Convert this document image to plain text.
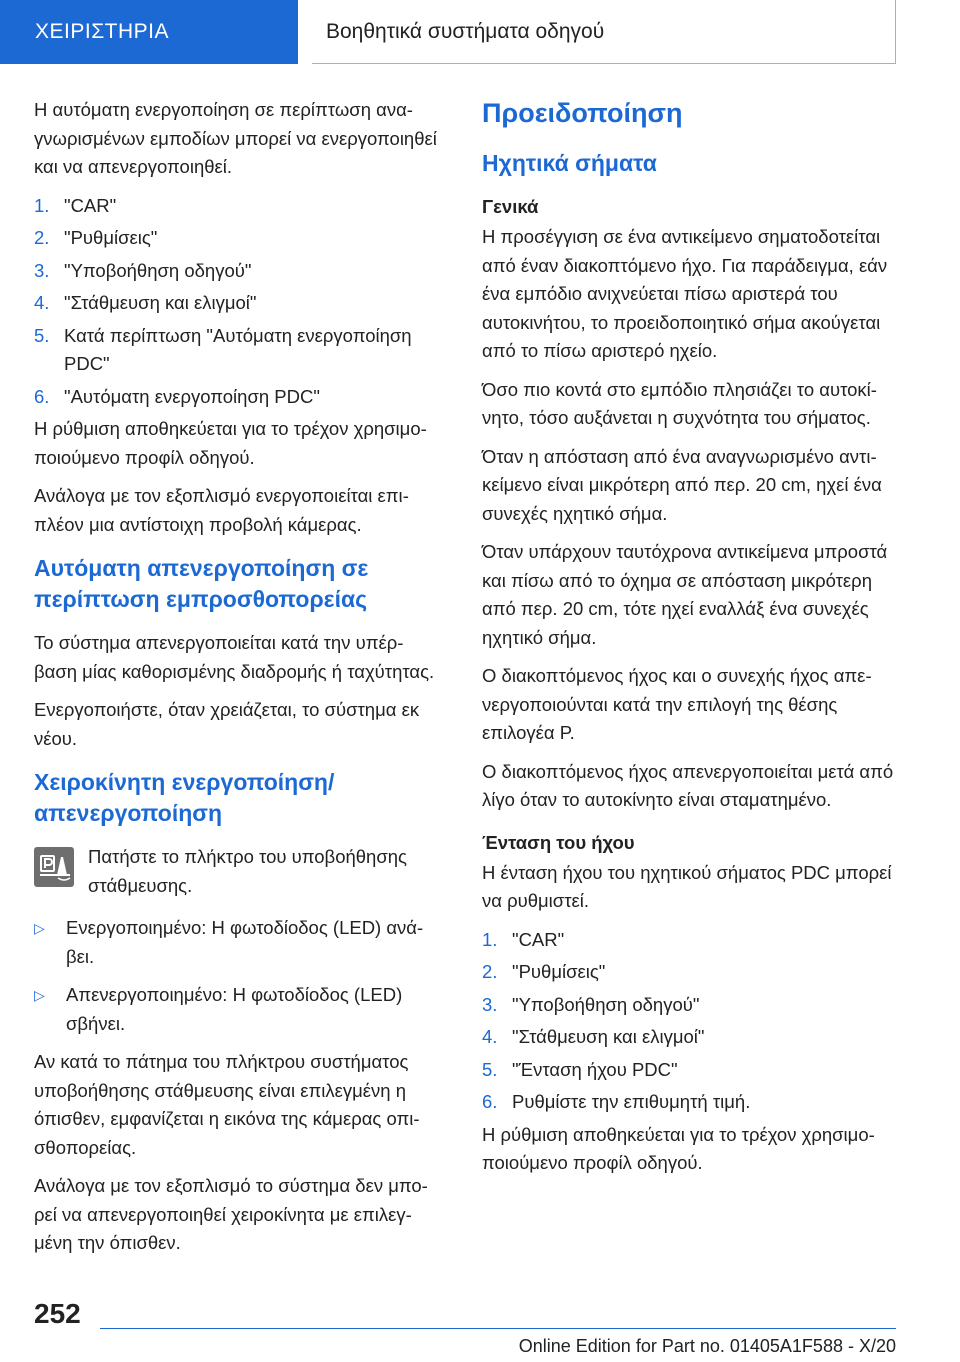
ΧΕΙΡΙΣΤΗΡΙΑ	Βοηθητικά συστήματα οδηγού

Η αυτόματη ενεργοποίηση σε περίπτωση αναγνωρισμένων εμποδίων μπορεί να ενεργοποιηθεί και να απενεργοποιηθεί.

1. "CAR"
2. "Ρυθμίσεις"
3. "Υποβοήθηση οδηγού"
4. "Στάθμευση και ελιγμοί"
5. Κατά περίπτωση "Αυτόματη ενεργοποίηση PDC"
6. "Αυτόματη ενεργοποίηση PDC"

Η ρύθμιση αποθηκεύεται για το τρέχον χρησιμοποιούμενο προφίλ οδηγού.

Ανάλογα με τον εξοπλισμό ενεργοποιείται επιπλέον μια αντίστοιχη προβολή κάμερας.

Αυτόματη απενεργοποίηση σε περίπτωση εμπροσθοπορείας

Το σύστημα απενεργοποιείται κατά την υπέρβαση μίας καθορισμένης διαδρομής ή ταχύτητας.

Ενεργοποιήστε, όταν χρειάζεται, το σύστημα εκ νέου.

Χειροκίνητη ενεργοποίηση/ απενεργοποίηση

Πατήστε το πλήκτρο του υποβοήθησης στάθμευσης.

▷ Ενεργοποιημένο: Η φωτοδίοδος (LED) ανάβει.
▷ Απενεργοποιημένο: Η φωτοδίοδος (LED) σβήνει.

Αν κατά το πάτημα του πλήκτρου συστήματος υποβοήθησης στάθμευσης είναι επιλεγμένη η όπισθεν, εμφανίζεται η εικόνα της κάμερας οπισθοπορείας.

Ανάλογα με τον εξοπλισμό το σύστημα δεν μπορεί να απενεργοποιηθεί χειροκίνητα με επιλεγμένη την όπισθεν.

Προειδοποίηση
Ηχητικά σήματα
Γενικά

Η προσέγγιση σε ένα αντικείμενο σηματοδοτείται από έναν διακοπτόμενο ήχο. Για παράδειγμα, εάν ένα εμπόδιο ανιχνεύεται πίσω αριστερά του αυτοκινήτου, το προειδοποιητικό σήμα ακούγεται από το πίσω αριστερό ηχείο.

Όσο πιο κοντά στο εμπόδιο πλησιάζει το αυτοκίνητο, τόσο αυξάνεται η συχνότητα του σήματος.

Όταν η απόσταση από ένα αναγνωρισμένο αντικείμενο είναι μικρότερη από περ. 20 cm, ηχεί ένα συνεχές ηχητικό σήμα.

Όταν υπάρχουν ταυτόχρονα αντικείμενα μπροστά και πίσω από το όχημα σε απόσταση μικρότερη από περ. 20 cm, τότε ηχεί εναλλάξ ένα συνεχές ηχητικό σήμα.

Ο διακοπτόμενος ήχος και ο συνεχής ήχος απενεργοποιούνται κατά την επιλογή της θέσης επιλογέα P.

Ο διακοπτόμενος ήχος απενεργοποιείται μετά από λίγο όταν το αυτοκίνητο είναι σταματημένο.

Ένταση του ήχου

Η ένταση ήχου του ηχητικού σήματος PDC μπορεί να ρυθμιστεί.

1. "CAR"
2. "Ρυθμίσεις"
3. "Υποβοήθηση οδηγού"
4. "Στάθμευση και ελιγμοί"
5. "Ένταση ήχου PDC"
6. Ρυθμίστε την επιθυμητή τιμή.

Η ρύθμιση αποθηκεύεται για το τρέχον χρησιμοποιούμενο προφίλ οδηγού.

252
Online Edition for Part no. 01405A1F588 - X/20
